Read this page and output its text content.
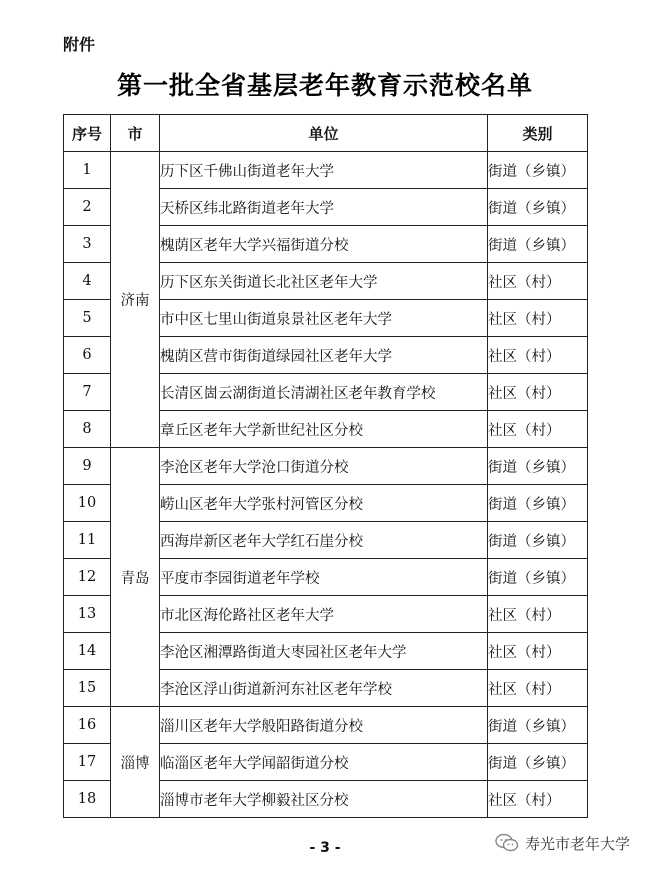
附件
第一批全省基层老年教育示范校名单
序号	市	单位	类别
1	济南	历下区千佛山街道老年大学	街道（乡镇）
2		天桥区纬北路街道老年大学	街道（乡镇）
3		槐荫区老年大学兴福街道分校	街道（乡镇）
4		历下区东关街道长北社区老年大学	社区（村）
5		市中区七里山街道泉景社区老年大学	社区（村）
6		槐荫区营市街街道绿园社区老年大学	社区（村）
7		长清区崮云湖街道长清湖社区老年教育学校	社区（村）
8		章丘区老年大学新世纪社区分校	社区（村）
9	青岛	李沧区老年大学沧口街道分校	街道（乡镇）
10		崂山区老年大学张村河管区分校	街道（乡镇）
11		西海岸新区老年大学红石崖分校	街道（乡镇）
12		平度市李园街道老年学校	街道（乡镇）
13		市北区海伦路社区老年大学	社区（村）
14		李沧区湘潭路街道大枣园社区老年大学	社区（村）
15		李沧区浮山街道新河东社区老年学校	社区（村）
16	淄博	淄川区老年大学般阳路街道分校	街道（乡镇）
17		临淄区老年大学闻韶街道分校	街道（乡镇）
18		淄博市老年大学柳毅社区分校	社区（村）
- 3 -	寿光市老年大学
